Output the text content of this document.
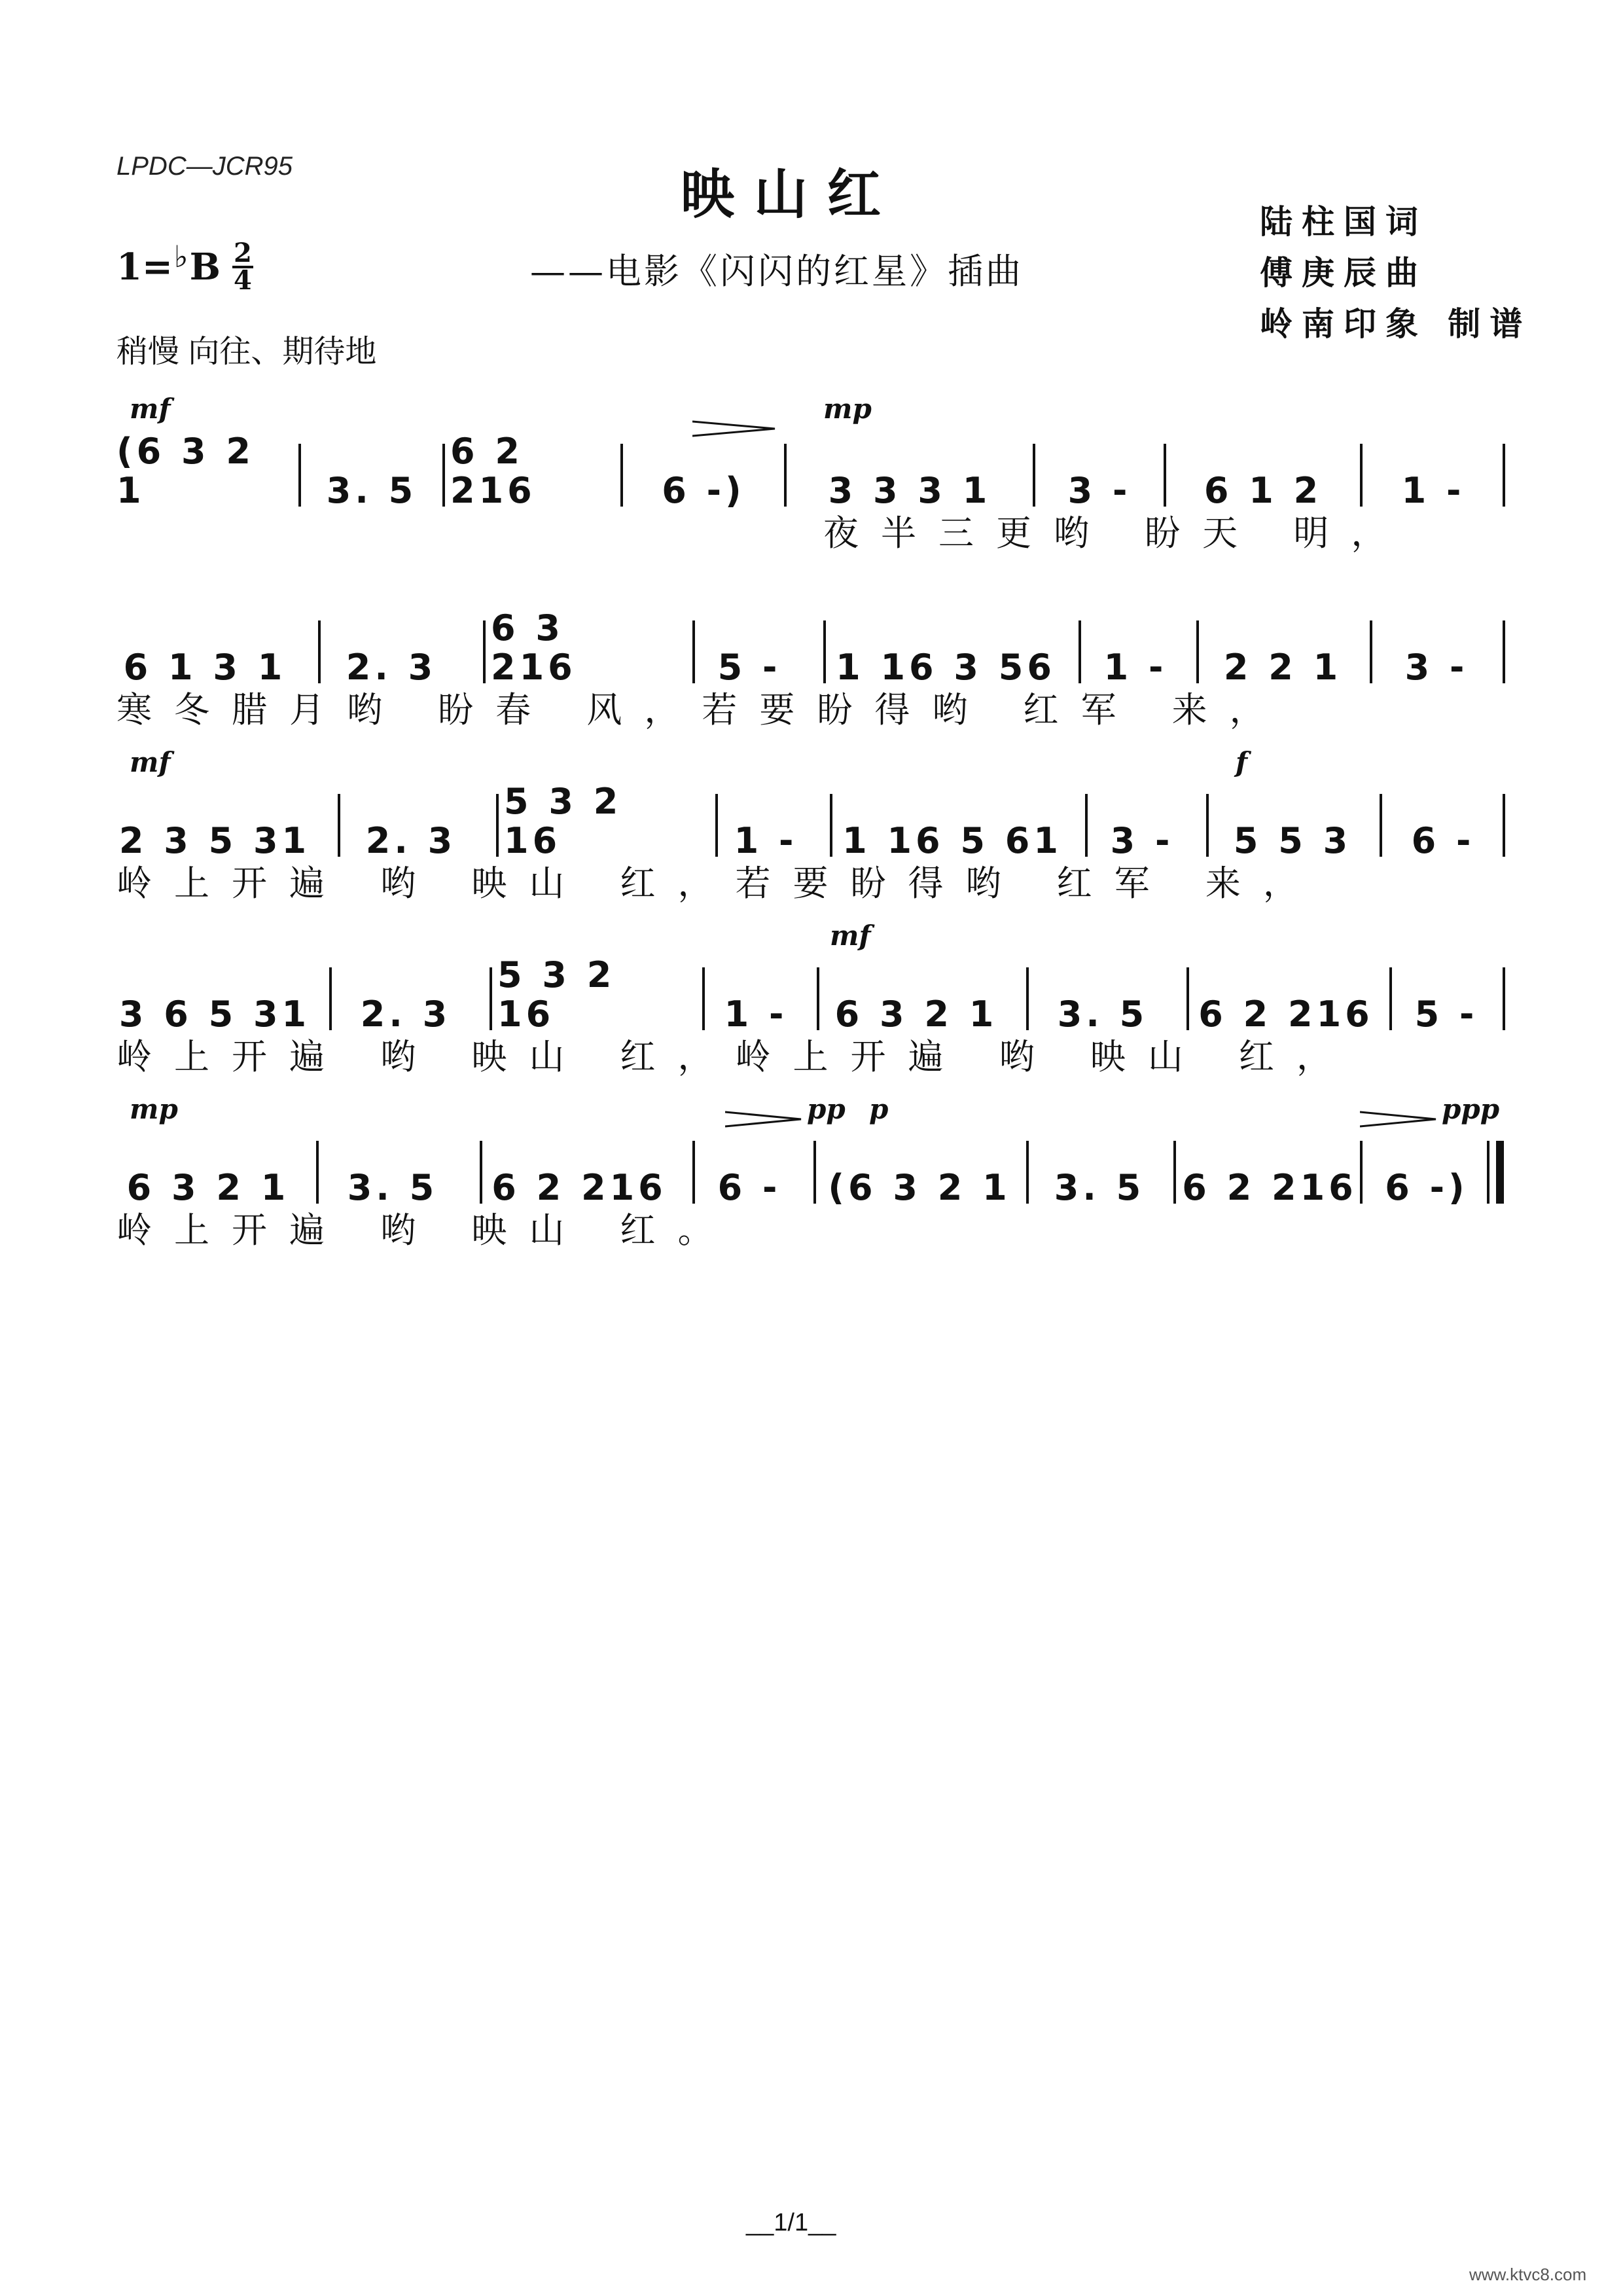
LPDC—JCR95	映山红
——电影《闪闪的红星》插曲
陆柱国词
傅庚辰曲
岭南印象 制谱
1= ♭ B 2
4
稍慢 向往、期待地
mf	mp
(6 3 2 1	3. 5
6 2 216	6 -) 3 3 3 1 3 - 6 1 2 1 -
夜半三更哟 盼天 明，
6 1 3 1 2. 3
6 3 216	5 - 1 16 3 56 1 - 2 2 1 3 -
寒冬腊月哟 盼春 风，若要盼得哟 红军 来，
mf	f
2 3 5 31 2. 3
5 3 2 16	1 - 1 16 5 61 3 - 5 5 3 6 -
岭上开遍 哟 映山 红，若要盼得哟 红军 来，
mf
3 6 5 31 2. 3
5 3 2 16	1 - 6 3 2 1 3. 5 6 2 216 5 -
岭上开遍 哟 映山 红，岭上开遍 哟 映山 红，
mp	pp p	ppp
6 3 2 1 3. 5 6 2 216 6 - (6 3 2 1 3. 5 6 2 216 6 -)
岭上开遍 哟 映山 红。
__1/1__
www.ktvc8.com
